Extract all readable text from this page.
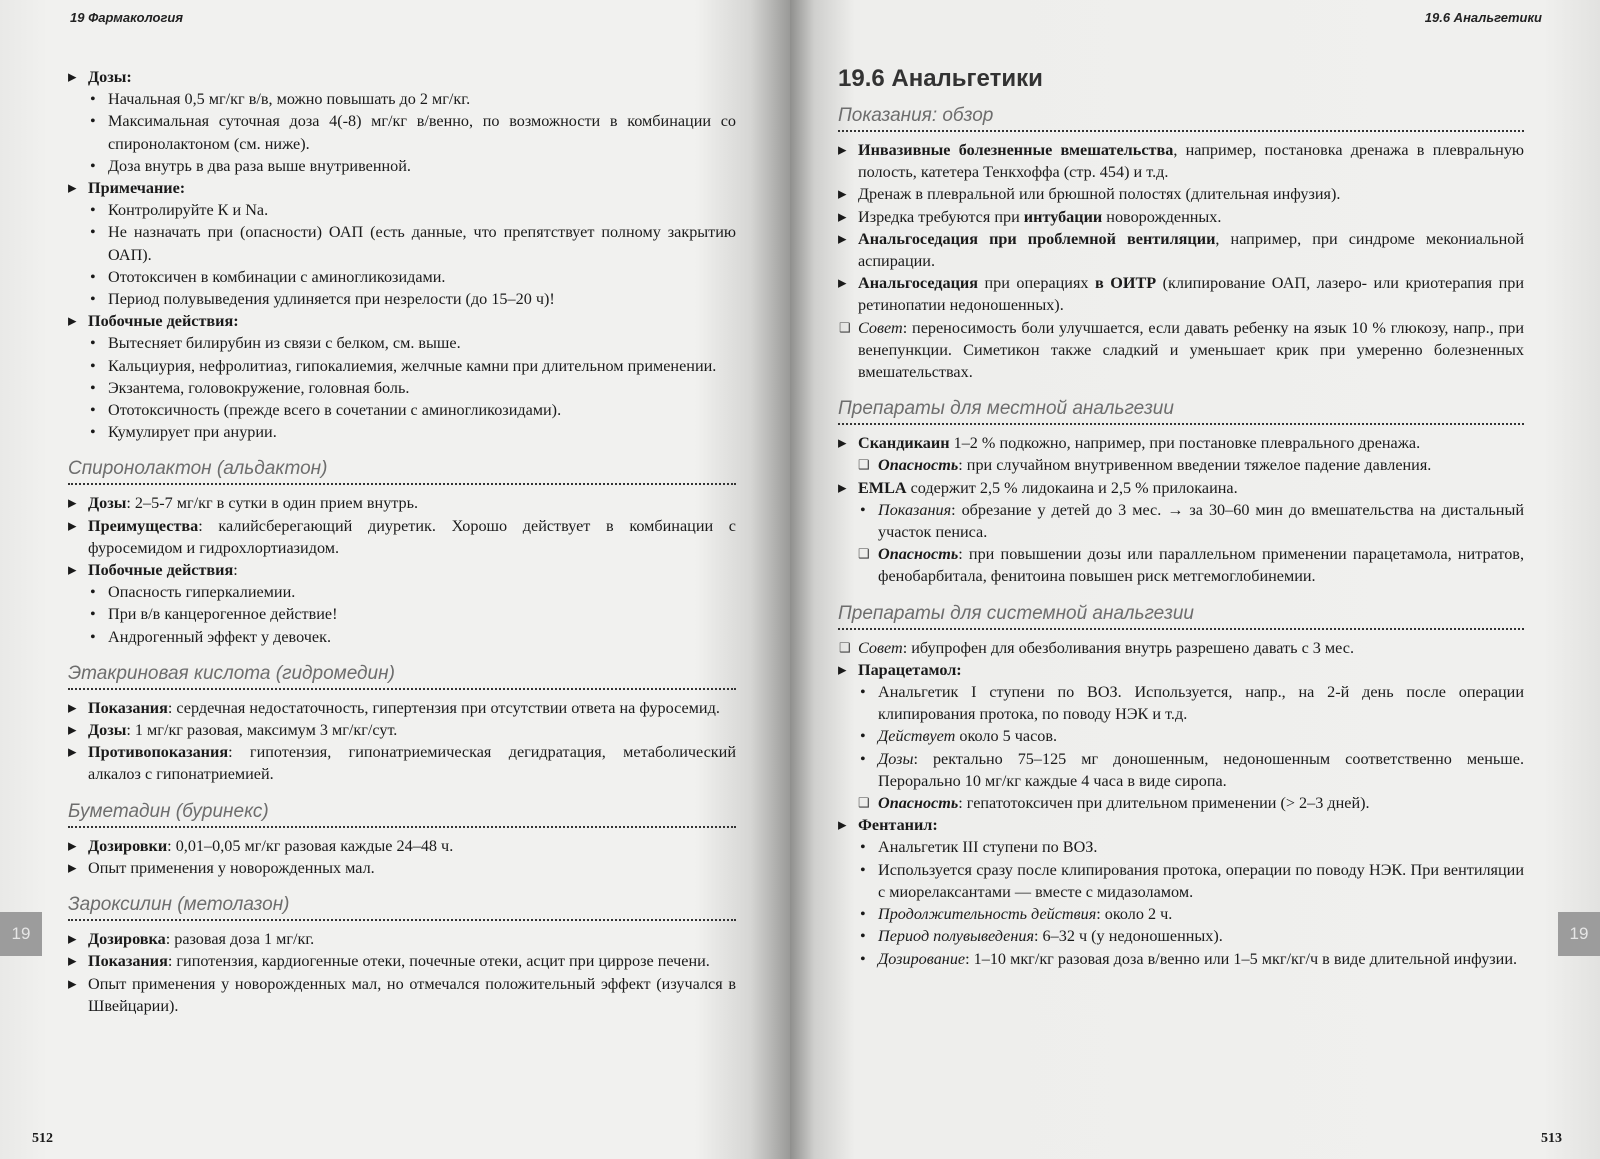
19 Фармакология
▸ Дозы:
• Начальная 0,5 мг/кг в/в, можно повышать до 2 мг/кг.
• Максимальная суточная доза 4(-8) мг/кг в/венно, по возможности в комбинации со спиронолактоном (см. ниже).
• Доза внутрь в два раза выше внутривенной.
▸ Примечание:
• Контролируйте К и Na.
• Не назначать при (опасности) ОАП (есть данные, что препятствует полному закрытию ОАП).
• Ототоксичен в комбинации с аминогликозидами.
• Период полувыведения удлиняется при незрелости (до 15–20 ч)!
▸ Побочные действия:
• Вытесняет билирубин из связи с белком, см. выше.
• Кальциурия, нефролитиаз, гипокалиемия, желчные камни при длительном применении.
• Экзантема, головокружение, головная боль.
• Ототоксичность (прежде всего в сочетании с аминогликозидами).
• Кумулирует при анурии.
Спиронолактон (альдактон)
▸ Дозы: 2–5-7 мг/кг в сутки в один прием внутрь.
▸ Преимущества: калийсберегающий диуретик. Хорошо действует в комбинации с фуросемидом и гидрохлортиазидом.
▸ Побочные действия:
• Опасность гиперкалиемии.
• При в/в канцерогенное действие!
• Андрогенный эффект у девочек.
Этакриновая кислота (гидромедин)
▸ Показания: сердечная недостаточность, гипертензия при отсутствии ответа на фуросемид.
▸ Дозы: 1 мг/кг разовая, максимум 3 мг/кг/сут.
▸ Противопоказания: гипотензия, гипонатриемическая дегидратация, метаболический алкалоз с гипонатриемией.
Буметадин (буринекс)
▸ Дозировки: 0,01–0,05 мг/кг разовая каждые 24–48 ч.
▸ Опыт применения у новорожденных мал.
Зароксилин (метолазон)
▸ Дозировка: разовая доза 1 мг/кг.
▸ Показания: гипотензия, кардиогенные отеки, почечные отеки, асцит при циррозе печени.
▸ Опыт применения у новорожденных мал, но отмечался положительный эффект (изучался в Швейцарии).
19
512
19.6 Анальгетики
19.6 Анальгетики
Показания: обзор
▸ Инвазивные болезненные вмешательства, например, постановка дренажа в плевральную полость, катетера Тенкхоффа (стр. 454) и т.д.
▸ Дренаж в плевральной или брюшной полостях (длительная инфузия).
▸ Изредка требуются при интубации новорожденных.
▸ Анальгоседация при проблемной вентиляции, например, при синдроме мекониальной аспирации.
▸ Анальгоседация при операциях в ОИТР (клипирование ОАП, лазеро- или криотерапия при ретинопатии недоношенных).
❑ Совет: переносимость боли улучшается, если давать ребенку на язык 10 % глюкозу, напр., при венепункции. Симетикон также сладкий и уменьшает крик при умеренно болезненных вмешательствах.
Препараты для местной анальгезии
▸ Скандикаин 1–2 % подкожно, например, при постановке плеврального дренажа.
❑ Опасность: при случайном внутривенном введении тяжелое падение давления.
▸ EMLA содержит 2,5 % лидокаина и 2,5 % прилокаина.
• Показания: обрезание у детей до 3 мес. → за 30–60 мин до вмешательства на дистальный участок пениса.
❑ Опасность: при повышении дозы или параллельном применении парацетамола, нитратов, фенобарбитала, фенитоина повышен риск метгемоглобинемии.
Препараты для системной анальгезии
❑ Совет: ибупрофен для обезболивания внутрь разрешено давать с 3 мес.
▸ Парацетамол:
• Анальгетик I ступени по ВОЗ. Используется, напр., на 2-й день после операции клипирования протока, по поводу НЭК и т.д.
• Действует около 5 часов.
• Дозы: ректально 75–125 мг доношенным, недоношенным соответственно меньше. Перорально 10 мг/кг каждые 4 часа в виде сиропа.
❑ Опасность: гепатотоксичен при длительном применении (> 2–3 дней).
▸ Фентанил:
• Анальгетик III ступени по ВОЗ.
• Используется сразу после клипирования протока, операции по поводу НЭК. При вентиляции с миорелаксантами — вместе с мидазоламом.
• Продолжительность действия: около 2 ч.
• Период полувыведения: 6–32 ч (у недоношенных).
• Дозирование: 1–10 мкг/кг разовая доза в/венно или 1–5 мкг/кг/ч в виде длительной инфузии.
19
513
